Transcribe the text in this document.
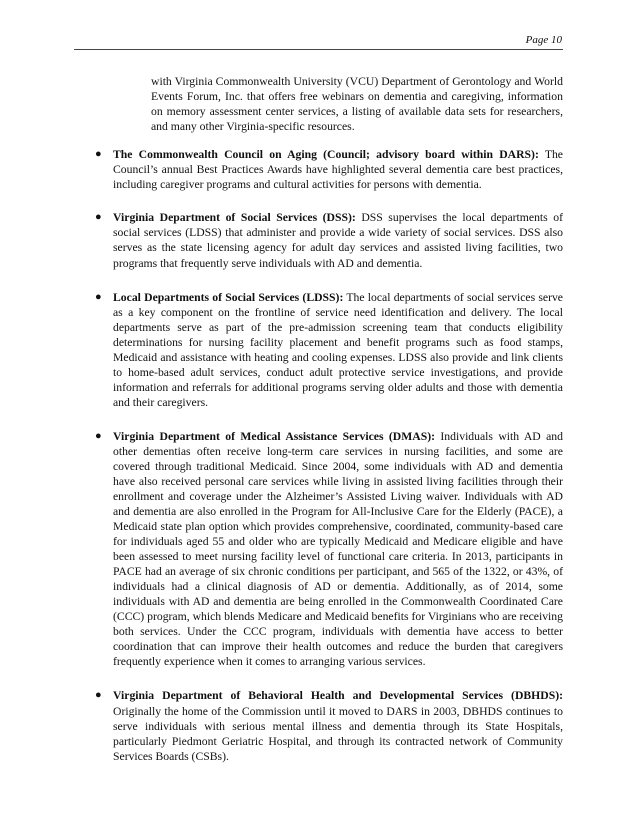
Page 10

with Virginia Commonwealth University (VCU) Department of Gerontology and World Events Forum, Inc. that offers free webinars on dementia and caregiving, information on memory assessment center services, a listing of available data sets for researchers, and many other Virginia-specific resources.

● The Commonwealth Council on Aging (Council; advisory board within DARS): The Council’s annual Best Practices Awards have highlighted several dementia care best practices, including caregiver programs and cultural activities for persons with dementia.
● Virginia Department of Social Services (DSS): DSS supervises the local departments of social services (LDSS) that administer and provide a wide variety of social services. DSS also serves as the state licensing agency for adult day services and assisted living facilities, two programs that frequently serve individuals with AD and dementia.
● Local Departments of Social Services (LDSS): The local departments of social services serve as a key component on the frontline of service need identification and delivery. The local departments serve as part of the pre-admission screening team that conducts eligibility determinations for nursing facility placement and benefit programs such as food stamps, Medicaid and assistance with heating and cooling expenses. LDSS also provide and link clients to home-based adult services, conduct adult protective service investigations, and provide information and referrals for additional programs serving older adults and those with dementia and their caregivers.
● Virginia Department of Medical Assistance Services (DMAS): Individuals with AD and other dementias often receive long-term care services in nursing facilities, and some are covered through traditional Medicaid. Since 2004, some individuals with AD and dementia have also received personal care services while living in assisted living facilities through their enrollment and coverage under the Alzheimer’s Assisted Living waiver. Individuals with AD and dementia are also enrolled in the Program for All-Inclusive Care for the Elderly (PACE), a Medicaid state plan option which provides comprehensive, coordinated, community-based care for individuals aged 55 and older who are typically Medicaid and Medicare eligible and have been assessed to meet nursing facility level of functional care criteria. In 2013, participants in PACE had an average of six chronic conditions per participant, and 565 of the 1322, or 43%, of individuals had a clinical diagnosis of AD or dementia. Additionally, as of 2014, some individuals with AD and dementia are being enrolled in the Commonwealth Coordinated Care (CCC) program, which blends Medicare and Medicaid benefits for Virginians who are receiving both services. Under the CCC program, individuals with dementia have access to better coordination that can improve their health outcomes and reduce the burden that caregivers frequently experience when it comes to arranging various services.
● Virginia Department of Behavioral Health and Developmental Services (DBHDS): Originally the home of the Commission until it moved to DARS in 2003, DBHDS continues to serve individuals with serious mental illness and dementia through its State Hospitals, particularly Piedmont Geriatric Hospital, and through its contracted network of Community Services Boards (CSBs).
